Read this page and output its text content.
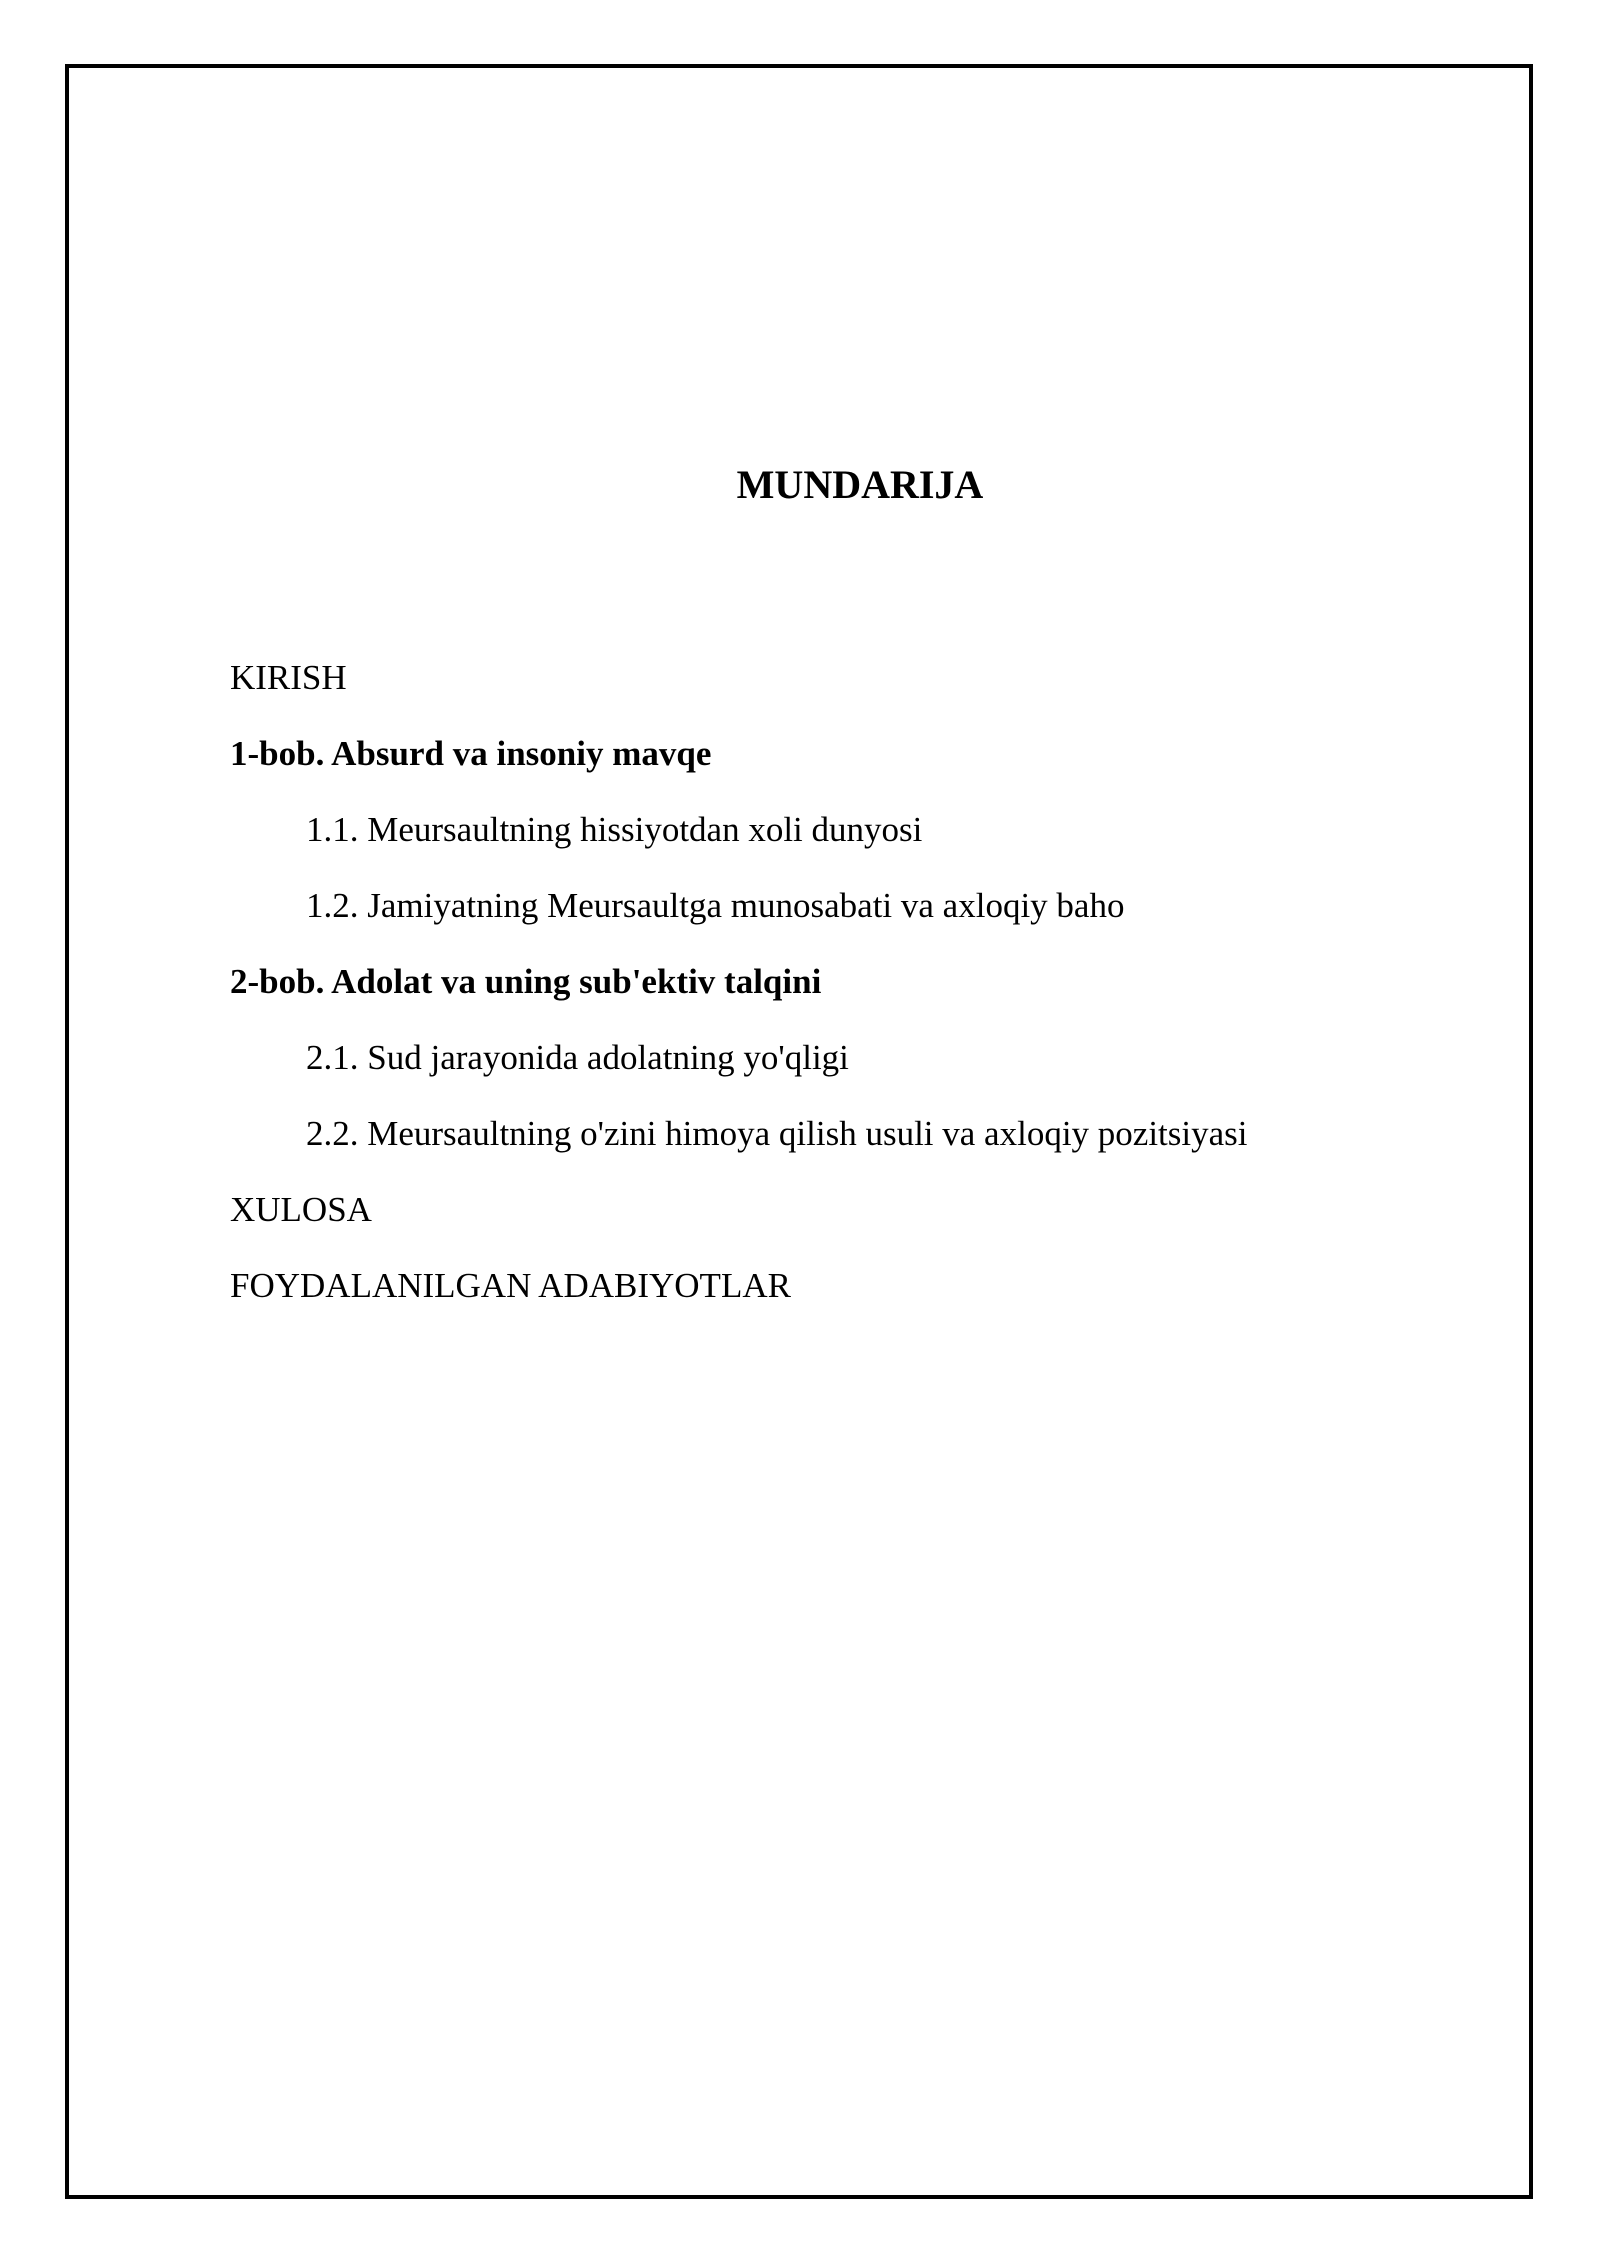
MUNDARIJA
KIRISH
1-bob. Absurd va insoniy mavqe
1.1. Meursaultning hissiyotdan xoli dunyosi
1.2. Jamiyatning Meursaultga munosabati va axloqiy baho
2-bob. Adolat va uning sub'ektiv talqini
2.1. Sud jarayonida adolatning yo'qligi
2.2. Meursaultning o'zini himoya qilish usuli va axloqiy pozitsiyasi
XULOSA
FOYDALANILGAN ADABIYOTLAR
